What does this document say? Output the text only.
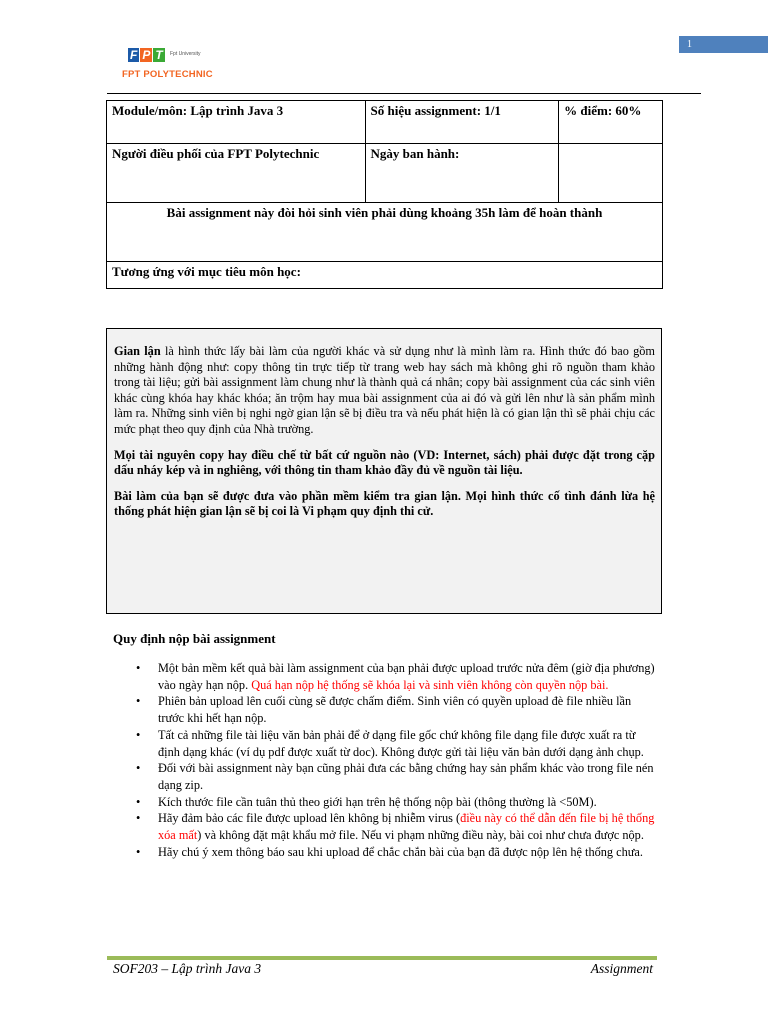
F P T	Fpt University
FPT POLYTECHNIC
1
Module/môn: Lập trình Java 3	Số hiệu assignment: 1/1	% điểm: 60%
Người điều phối của FPT Polytechnic	Ngày ban hành:	
Bài assignment này đòi hỏi sinh viên phải dùng khoảng 35h làm để hoàn thành		
Tương ứng với mục tiêu môn học:		

Gian lận là hình thức lấy bài làm của người khác và sử dụng như là mình làm ra. Hình thức đó bao gồm những hành động như: copy thông tin trực tiếp từ trang web hay sách mà không ghi rõ nguồn tham khảo trong tài liệu; gửi bài assignment làm chung như là thành quả cá nhân; copy bài assignment của các sinh viên khác cùng khóa hay khác khóa; ăn trộm hay mua bài assignment của ai đó và gửi lên như là sản phẩm mình làm ra. Những sinh viên bị nghi ngờ gian lận sẽ bị điều tra và nếu phát hiện là có gian lận thì sẽ phải chịu các mức phạt theo quy định của Nhà trường.

Mọi tài nguyên copy hay điều chế từ bất cứ nguồn nào (VD: Internet, sách) phải được đặt trong cặp dấu nháy kép và in nghiêng, với thông tin tham khảo đầy đủ về nguồn tài liệu.

Bài làm của bạn sẽ được đưa vào phần mềm kiểm tra gian lận. Mọi hình thức cố tình đánh lừa hệ thống phát hiện gian lận sẽ bị coi là Vi phạm quy định thi cử.

Quy định nộp bài assignment
• Một bản mềm kết quả bài làm assignment của bạn phải được upload trước nửa đêm (giờ địa phương) vào ngày hạn nộp. Quá hạn nộp hệ thống sẽ khóa lại và sinh viên không còn quyền nộp bài.
• Phiên bản upload lên cuối cùng sẽ được chấm điểm. Sinh viên có quyền upload đè file nhiều lần trước khi hết hạn nộp.
• Tất cả những file tài liệu văn bản phải để ở dạng file gốc chứ không file dạng file được xuất ra từ định dạng khác (ví dụ pdf được xuất từ doc). Không được gửi tài liệu văn bản dưới dạng ảnh chụp.
• Đối với bài assignment này bạn cũng phải đưa các bằng chứng hay sản phẩm khác vào trong file nén dạng zip.
• Kích thước file cần tuân thủ theo giới hạn trên hệ thống nộp bài (thông thường là <50M).
• Hãy đảm bảo các file được upload lên không bị nhiễm virus (điều này có thể dẫn đến file bị hệ thống xóa mất) và không đặt mật khẩu mở file. Nếu vi phạm những điều này, bài coi như chưa được nộp.
• Hãy chú ý xem thông báo sau khi upload để chắc chắn bài của bạn đã được nộp lên hệ thống chưa.
SOF203 – Lập trình Java 3	Assignment
